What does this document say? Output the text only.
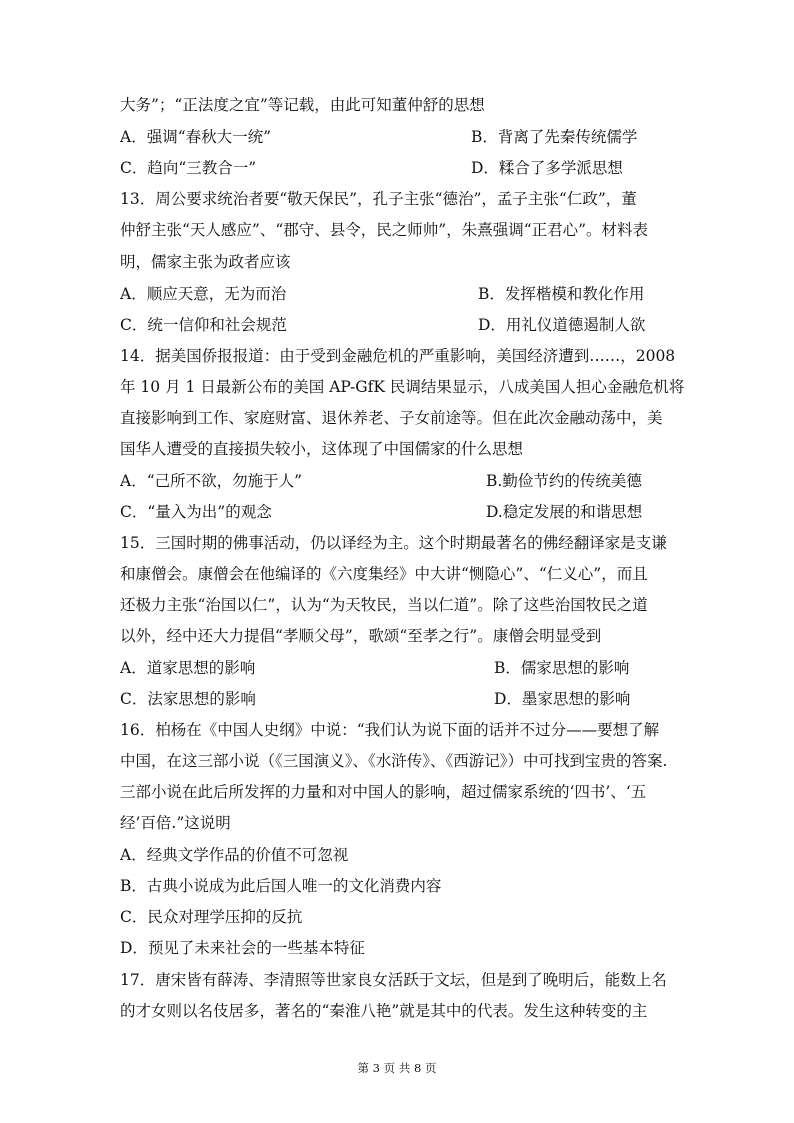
大务”；“正法度之宜”等记载，由此可知董仲舒的思想
A．强调“春秋大一统”	B．背离了先秦传统儒学
C．趋向“三教合一”	D．糅合了多学派思想
13．周公要求统治者要“敬天保民”，孔子主张“德治”，孟子主张“仁政”，董
仲舒主张“天人感应”、“郡守、县令，民之师帅”，朱熹强调“正君心”。材料表
明，儒家主张为政者应该
A．顺应天意，无为而治	B．发挥楷模和教化作用
C．统一信仰和社会规范	D．用礼仪道德遏制人欲
14．据美国侨报报道：由于受到金融危机的严重影响，美国经济遭到……，2008
年 10 月 1 日最新公布的美国 AP-GfK 民调结果显示，八成美国人担心金融危机将
直接影响到工作、家庭财富、退休养老、子女前途等。但在此次金融动荡中，美
国华人遭受的直接损失较小，这体现了中国儒家的什么思想
A．“己所不欲，勿施于人”	B.勤俭节约的传统美德
C．“量入为出”的观念	D.稳定发展的和谐思想
15．三国时期的佛事活动，仍以译经为主。这个时期最著名的佛经翻译家是支谦
和康僧会。康僧会在他编译的《六度集经》中大讲“恻隐心”、“仁义心”，而且
还极力主张“治国以仁”，认为“为天牧民，当以仁道”。除了这些治国牧民之道
以外，经中还大力提倡“孝顺父母”，歌颂“至孝之行”。康僧会明显受到
A．道家思想的影响	B．儒家思想的影响
C．法家思想的影响	D．墨家思想的影响
16．柏杨在《中国人史纲》中说：“我们认为说下面的话并不过分——要想了解
中国，在这三部小说（《三国演义》、《水浒传》、《西游记》）中可找到宝贵的答案.
三部小说在此后所发挥的力量和对中国人的影响，超过儒家系统的‘四书’、‘五
经’百倍.”这说明
A．经典文学作品的价值不可忽视
B．古典小说成为此后国人唯一的文化消费内容
C．民众对理学压抑的反抗
D．预见了未来社会的一些基本特征
17．唐宋皆有薛涛、李清照等世家良女活跃于文坛，但是到了晚明后，能数上名
的才女则以名伎居多，著名的“秦淮八艳”就是其中的代表。发生这种转变的主
第 3 页 共 8 页
